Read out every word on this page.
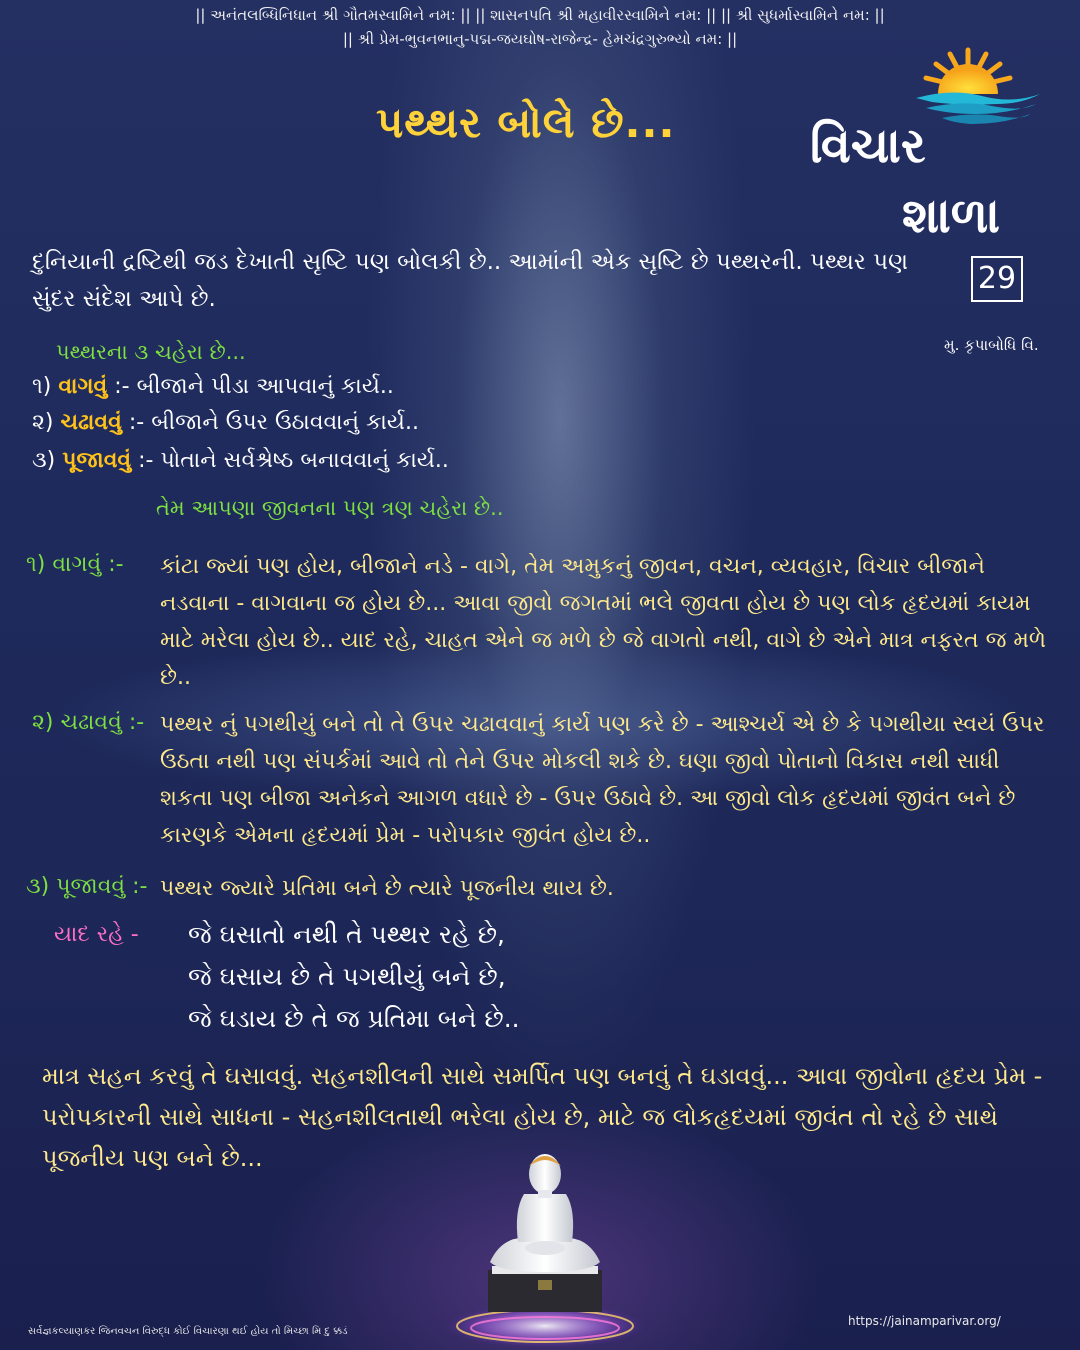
|| અનંતલબ્ધિનિધાન શ્રી ગૌતમસ્વામિને નમ: || || શાસનપતિ શ્રી મહાવીરસ્વામિને નમ: || || શ્રી સુધર્માસ્વામિને નમ: ||
|| શ્રી પ્રેમ-ભુવનભાનુ-પદ્મ-જયઘોષ-રાજેન્દ્ર- હેમચંદ્રગુરુભ્યો નમ: ||
પથ્થર બોલે છે...	વિચાર
શાળા
29
મુ. કૃપાબોધિ વિ.
દુનિયાની દ્રષ્ટિથી જડ દેખાતી સૃષ્ટિ પણ બોલકી છે.. આમાંની એક સૃષ્ટિ છે પથ્થરની. પથ્થર પણ સુંદર સંદેશ આપે છે.
પથ્થરના ૩ ચહેરા છે...
૧) વાગવું :- બીજાને પીડા આપવાનું કાર્ય..
૨) ચઢાવવું :- બીજાને ઉપર ઉઠાવવાનું કાર્ય..
૩) પૂજાવવું :- પોતાને સર્વશ્રેષ્ઠ બનાવવાનું કાર્ય..
તેમ આપણા જીવનના પણ ત્રણ ચહેરા છે..
૧) વાગવું :- કાંટા જ્યાં પણ હોય, બીજાને નડે - વાગે, તેમ અમુકનું જીવન, વચન, વ્યવહાર, વિચાર બીજાને નડવાના - વાગવાના જ હોય છે... આવા જીવો જગતમાં ભલે જીવતા હોય છે પણ લોક હૃદયમાં કાયમ માટે મરેલા હોય છે.. યાદ રહે, ચાહત એને જ મળે છે જે વાગતો નથી, વાગે છે એને માત્ર નફરત જ મળે છે..
૨) ચઢાવવું :- પથ્થર નું પગથીયું બને તો તે ઉપર ચઢાવવાનું કાર્ય પણ કરે છે - આશ્ચર્ય એ છે કે પગથીયા સ્વયં ઉપર ઉઠતા નથી પણ સંપર્કમાં આવે તો તેને ઉપર મોકલી શકે છે. ઘણા જીવો પોતાનો વિકાસ નથી સાધી શકતા પણ બીજા અનેકને આગળ વધારે છે - ઉપર ઉઠાવે છે. આ જીવો લોક હૃદયમાં જીવંત બને છે કારણકે એમના હૃદયમાં પ્રેમ - પરોપકાર જીવંત હોય છે..
૩) પૂજાવવું :- પથ્થર જ્યારે પ્રતિમા બને છે ત્યારે પૂજનીય થાય છે.
યાદ રહે - જે ઘસાતો નથી તે પથ્થર રહે છે,
જે ઘસાય છે તે પગથીયું બને છે,
જે ઘડાય છે તે જ પ્રતિમા બને છે..
માત્ર સહન કરવું તે ઘસાવવું. સહનશીલની સાથે સમર્પિત પણ બનવું તે ઘડાવવું... આવા જીવોના હૃદય પ્રેમ - પરોપકારની સાથે સાધના - સહનશીલતાથી ભરેલા હોય છે, માટે જ લોકહૃદયમાં જીવંત તો રહે છે સાથે પૂજનીય પણ બને છે...
સર્વજ્ઞકલ્યાણકર જિનવચન વિરુદ્ધ કોઈ વિચારણા થઈ હોય તો મિચ્છા મિ દુ ક્કડં
https://jainamparivar.org/
